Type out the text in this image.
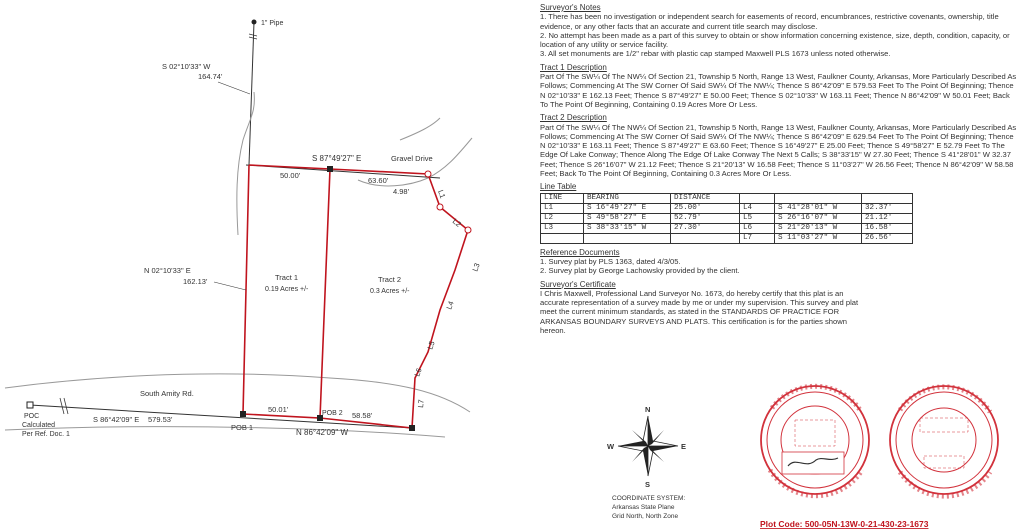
1" Pipe
S 02°10'33" W
164.74'
S 87°49'27" E	Gravel Drive
50.00'
63.60'
4.98'
N 02°10'33" E
162.13'	Tract 1
0.19 Acres +/-
Tract 2
0.3 Acres +/-
L1
L2
L3
L4
L5
L6
L7
South Amity Rd.
S 86°42'09" E 579.53'
POC
Calculated
Per Ref. Doc. 1
POB 1
POB 2
50.01'
58.58'
N 86°42'09" W
N
S
E
W
COORDINATE SYSTEM:
Arkansas State Plane
Grid North, North Zone
Plot Code: 500-05N-13W-0-21-430-23-1673
Surveyor's Notes

1. There has been no investigation or independent search for easements of record, encumbrances, restrictive covenants, ownership, title evidence, or any other facts that an accurate and current title search may disclose.

2. No attempt has been made as a part of this survey to obtain or show information concerning existence, size, depth, condition, capacity, or location of any utility or service facility.

3. All set monuments are 1/2" rebar with plastic cap stamped Maxwell PLS 1673 unless noted otherwise.

Tract 1 Description

Part Of The SW¼ Of The NW¼ Of Section 21, Township 5 North, Range 13 West, Faulkner County, Arkansas, More Particularly Described As Follows; Commencing At The SW Corner Of Said SW¼ Of The NW¼; Thence S 86°42'09" E 579.53 Feet To The Point Of Beginning; Thence N 02°10'33" E 162.13 Feet; Thence S 87°49'27" E 50.00 Feet; Thence S 02°10'33" W 163.11 Feet; Thence N 86°42'09" W 50.01 Feet; Back To The Point Of Beginning, Containing 0.19 Acres More Or Less.

Tract 2 Description

Part Of The SW¼ Of The NW¼ Of Section 21, Township 5 North, Range 13 West, Faulkner County, Arkansas, More Particularly Described As Follows; Commencing At The SW Corner Of Said SW¼ Of The NW¼; Thence S 86°42'09" E 629.54 Feet To The Point Of Beginning; Thence N 02°10'33" E 163.11 Feet; Thence S 87°49'27" E 63.60 Feet; Thence S 16°49'27" E 25.00 Feet; Thence S 49°58'27" E 52.79 Feet To The Edge Of Lake Conway; Thence Along The Edge Of Lake Conway The Next 5 Calls; S 38°33'15" W 27.30 Feet; Thence S 41°28'01" W 32.37 Feet; Thence S 26°16'07" W 21.12 Feet; Thence S 21°20'13" W 16.58 Feet; Thence S 11°03'27" W 26.56 Feet; Thence N 86°42'09" W 58.58 Feet; Back To The Point Of Beginning, Containing 0.3 Acres More Or Less.

Line Table
LINE	BEARING	DISTANCE			
L1	S 16°49'27" E	25.00'	L4	S 41°28'01" W	32.37'
L2	S 49°58'27" E	52.79'	L5	S 26°16'07" W	21.12'
L3	S 38°33'15" W	27.30'	L6	S 21°20'13" W	16.58'
			L7	S 11°03'27" W	26.56'
Reference Documents

1. Survey plat by PLS 1363, dated 4/3/05.

2. Survey plat by George Lachowsky provided by the client.

Surveyor's Certificate

I Chris Maxwell, Professional Land Surveyor No. 1673, do hereby certify that this plat is an accurate representation of a survey made by me or under my supervision. This survey and plat meet the current minimum standards, as stated in the STANDARDS OF PRACTICE FOR ARKANSAS BOUNDARY SURVEYS AND PLATS. This certification is for the parties shown hereon.
